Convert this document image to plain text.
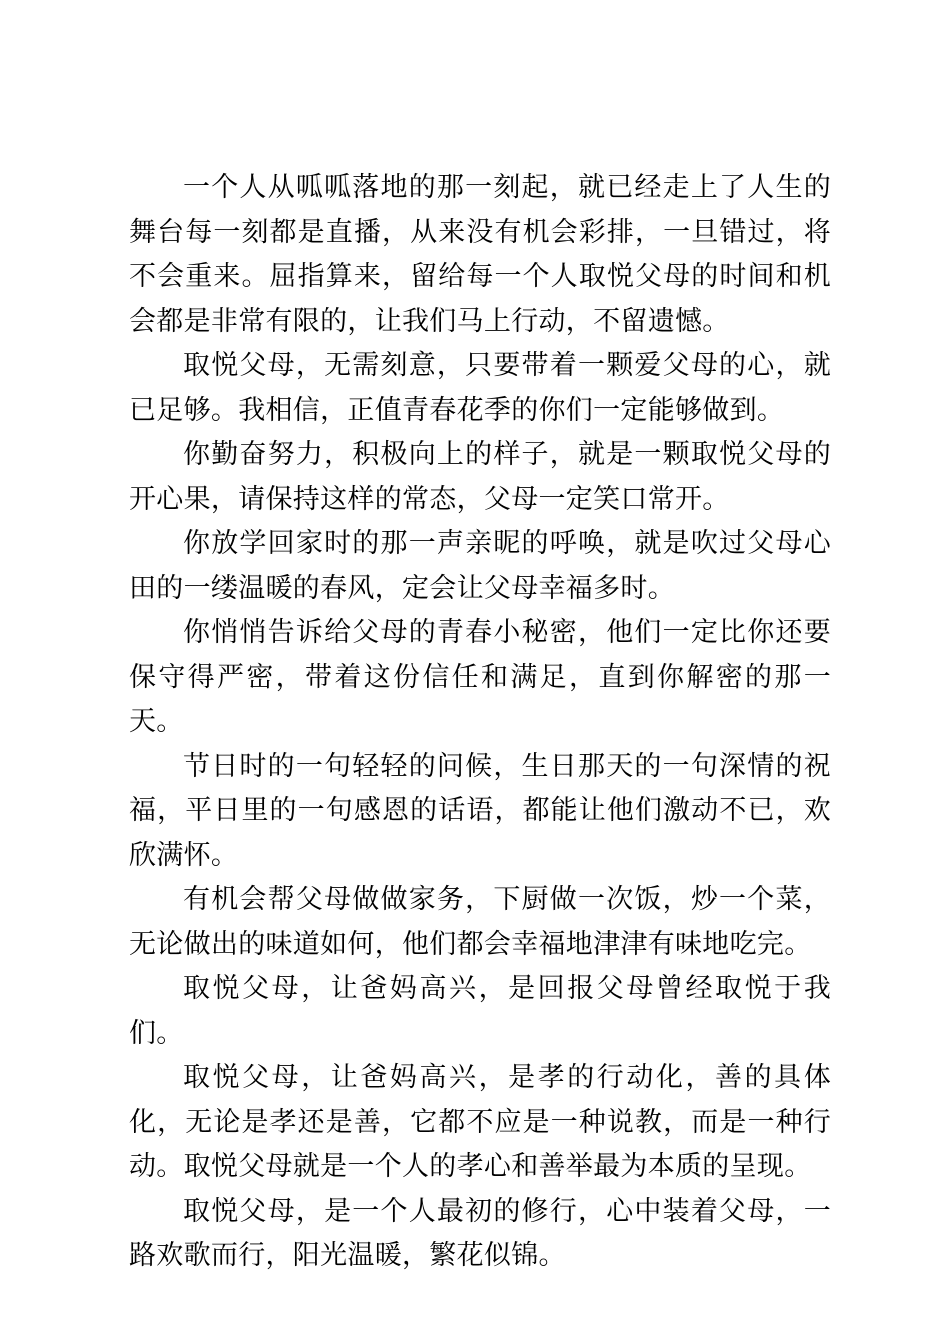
一个人从呱呱落地的那一刻起，就已经走上了人生的舞台每一刻都是直播，从来没有机会彩排，一旦错过，将不会重来。屈指算来，留给每一个人取悦父母的时间和机会都是非常有限的，让我们马上行动，不留遗憾。

取悦父母，无需刻意，只要带着一颗爱父母的心，就已足够。我相信，正值青春花季的你们一定能够做到。

你勤奋努力，积极向上的样子，就是一颗取悦父母的开心果，请保持这样的常态，父母一定笑口常开。

你放学回家时的那一声亲昵的呼唤，就是吹过父母心田的一缕温暖的春风，定会让父母幸福多时。

你悄悄告诉给父母的青春小秘密，他们一定比你还要保守得严密，带着这份信任和满足，直到你解密的那一天。

节日时的一句轻轻的问候，生日那天的一句深情的祝福，平日里的一句感恩的话语，都能让他们激动不已，欢欣满怀。

有机会帮父母做做家务，下厨做一次饭，炒一个菜，无论做出的味道如何，他们都会幸福地津津有味地吃完。

取悦父母，让爸妈高兴，是回报父母曾经取悦于我们。

取悦父母，让爸妈高兴，是孝的行动化，善的具体化，无论是孝还是善，它都不应是一种说教，而是一种行动。取悦父母就是一个人的孝心和善举最为本质的呈现。

取悦父母，是一个人最初的修行，心中装着父母，一路欢歌而行，阳光温暖，繁花似锦。
